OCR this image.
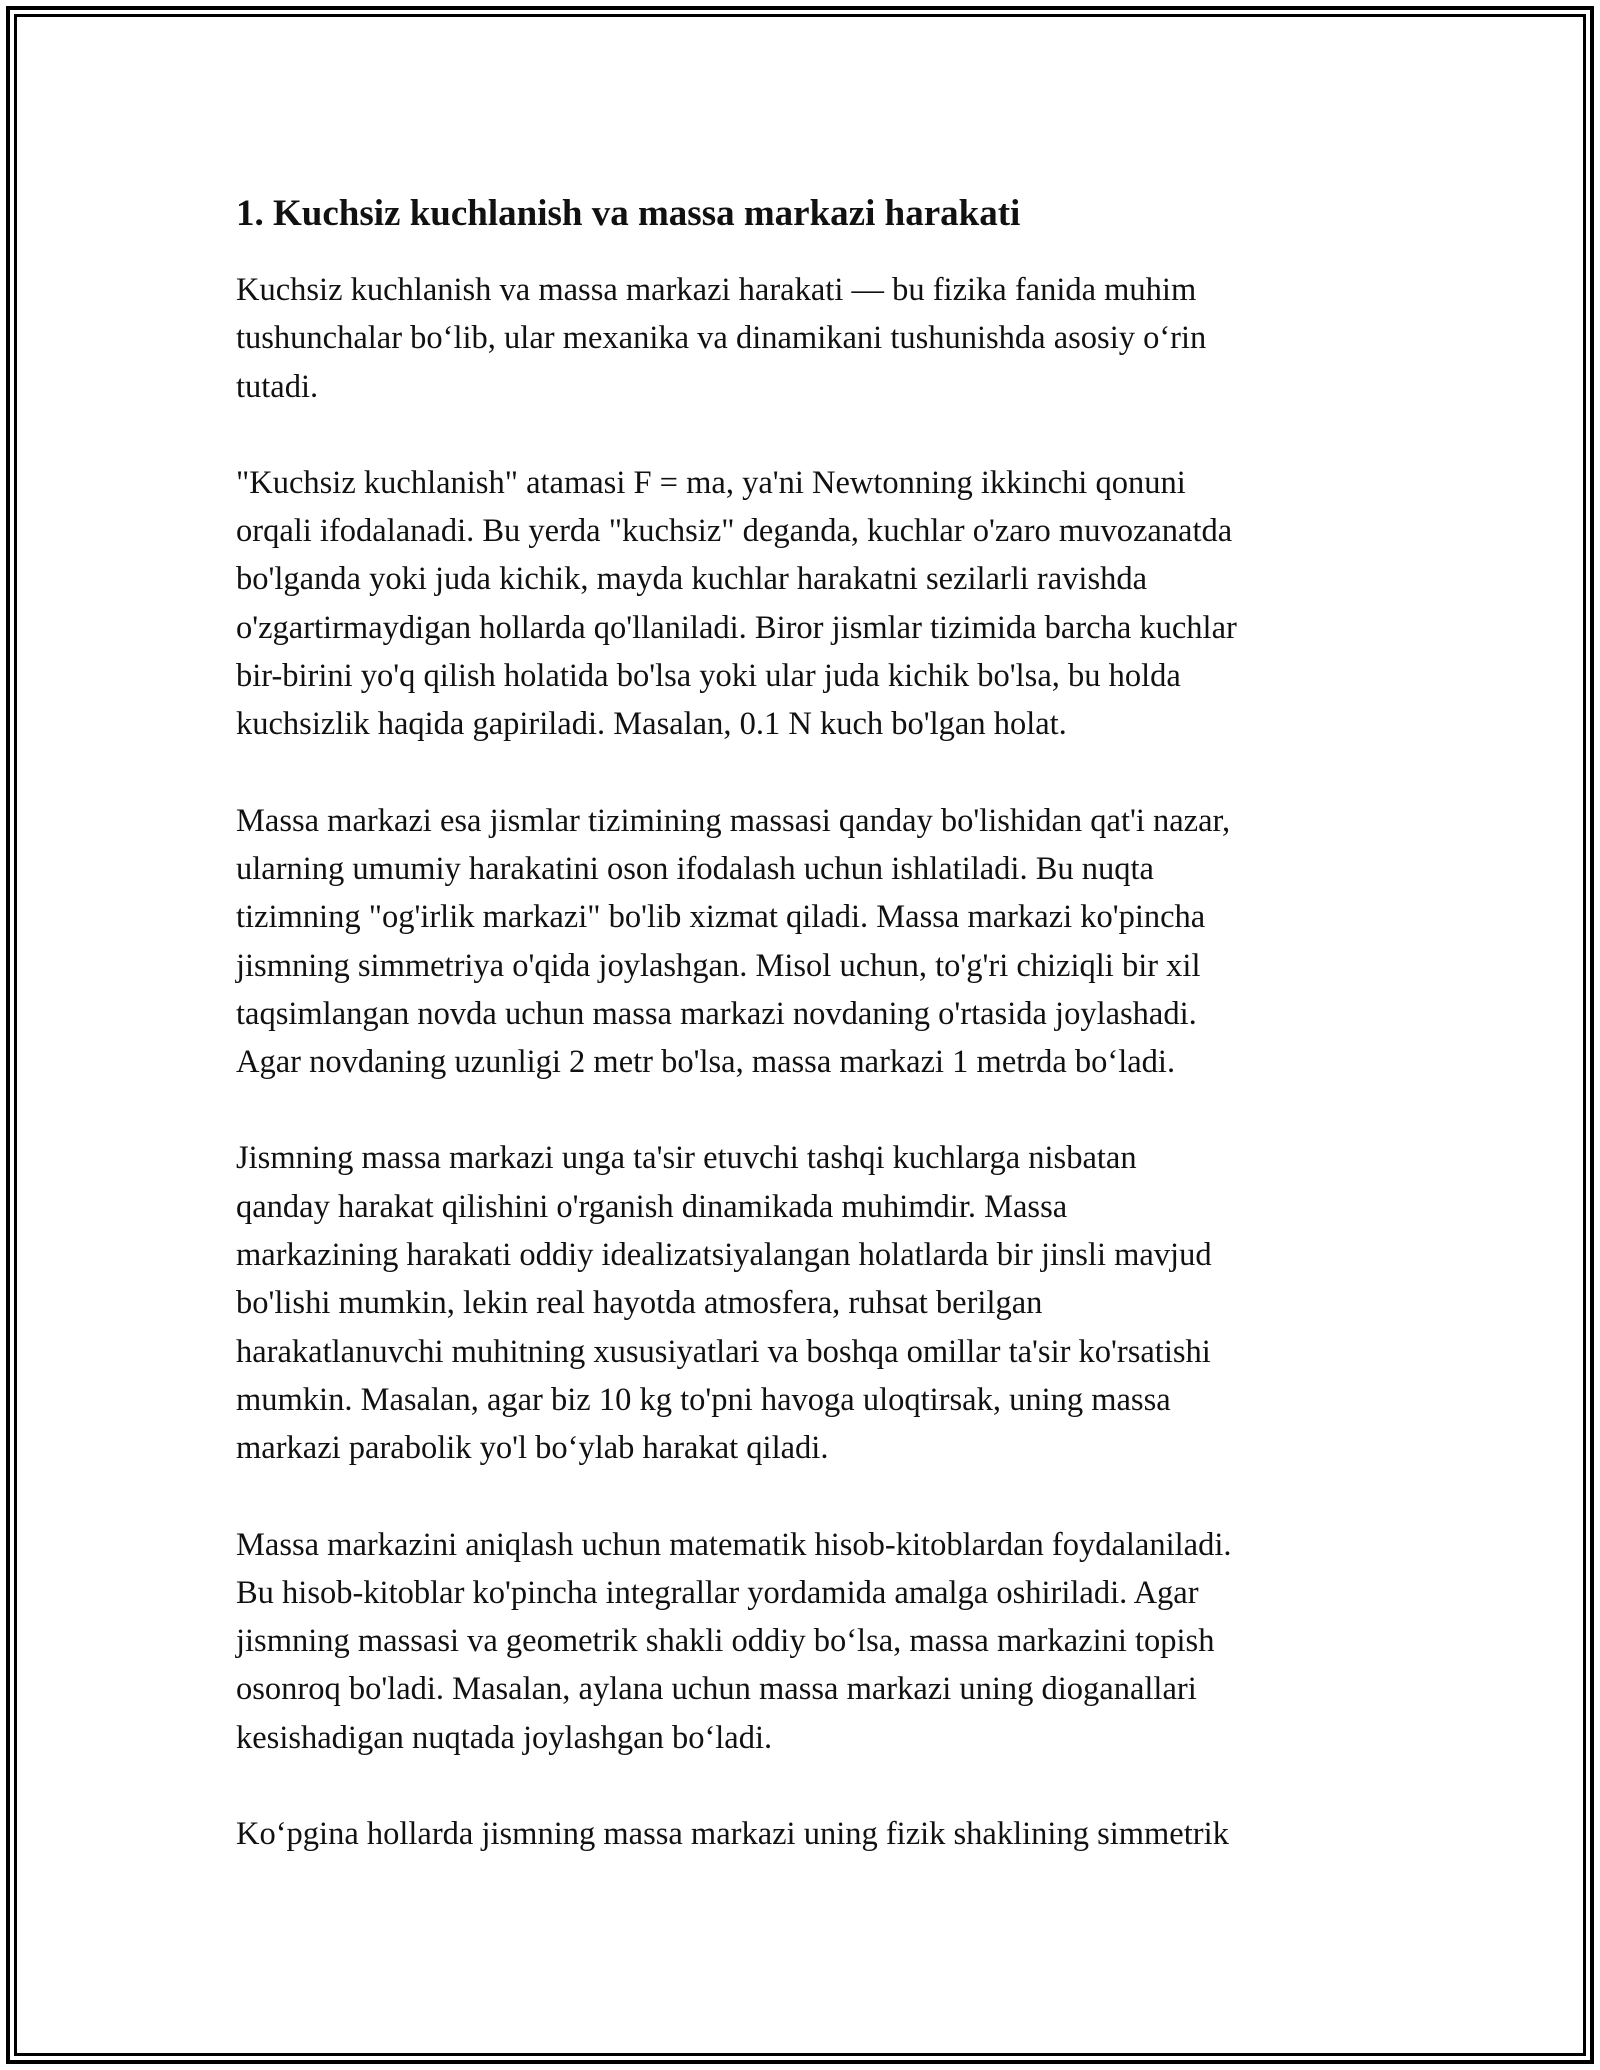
1. Kuchsiz kuchlanish va massa markazi harakati

Kuchsiz kuchlanish va massa markazi harakati — bu fizika fanida muhim
tushunchalar bo‘lib, ular mexanika va dinamikani tushunishda asosiy o‘rin
tutadi.

"Kuchsiz kuchlanish" atamasi F = ma, ya'ni Newtonning ikkinchi qonuni
orqali ifodalanadi. Bu yerda "kuchsiz" deganda, kuchlar o'zaro muvozanatda
bo'lganda yoki juda kichik, mayda kuchlar harakatni sezilarli ravishda
o'zgartirmaydigan hollarda qo'llaniladi. Biror jismlar tizimida barcha kuchlar
bir-birini yo'q qilish holatida bo'lsa yoki ular juda kichik bo'lsa, bu holda
kuchsizlik haqida gapiriladi. Masalan, 0.1 N kuch bo'lgan holat.

Massa markazi esa jismlar tizimining massasi qanday bo'lishidan qat'i nazar,
ularning umumiy harakatini oson ifodalash uchun ishlatiladi. Bu nuqta
tizimning "og'irlik markazi" bo'lib xizmat qiladi. Massa markazi ko'pincha
jismning simmetriya o'qida joylashgan. Misol uchun, to'g'ri chiziqli bir xil
taqsimlangan novda uchun massa markazi novdaning o'rtasida joylashadi.
Agar novdaning uzunligi 2 metr bo'lsa, massa markazi 1 metrda bo‘ladi.

Jismning massa markazi unga ta'sir etuvchi tashqi kuchlarga nisbatan
qanday harakat qilishini o'rganish dinamikada muhimdir. Massa
markazining harakati oddiy idealizatsiyalangan holatlarda bir jinsli mavjud
bo'lishi mumkin, lekin real hayotda atmosfera, ruhsat berilgan
harakatlanuvchi muhitning xususiyatlari va boshqa omillar ta'sir ko'rsatishi
mumkin. Masalan, agar biz 10 kg to'pni havoga uloqtirsak, uning massa
markazi parabolik yo'l bo‘ylab harakat qiladi.

Massa markazini aniqlash uchun matematik hisob-kitoblardan foydalaniladi.
Bu hisob-kitoblar ko'pincha integrallar yordamida amalga oshiriladi. Agar
jismning massasi va geometrik shakli oddiy bo‘lsa, massa markazini topish
osonroq bo'ladi. Masalan, aylana uchun massa markazi uning dioganallari
kesishadigan nuqtada joylashgan bo‘ladi.

Ko‘pgina hollarda jismning massa markazi uning fizik shaklining simmetrik
